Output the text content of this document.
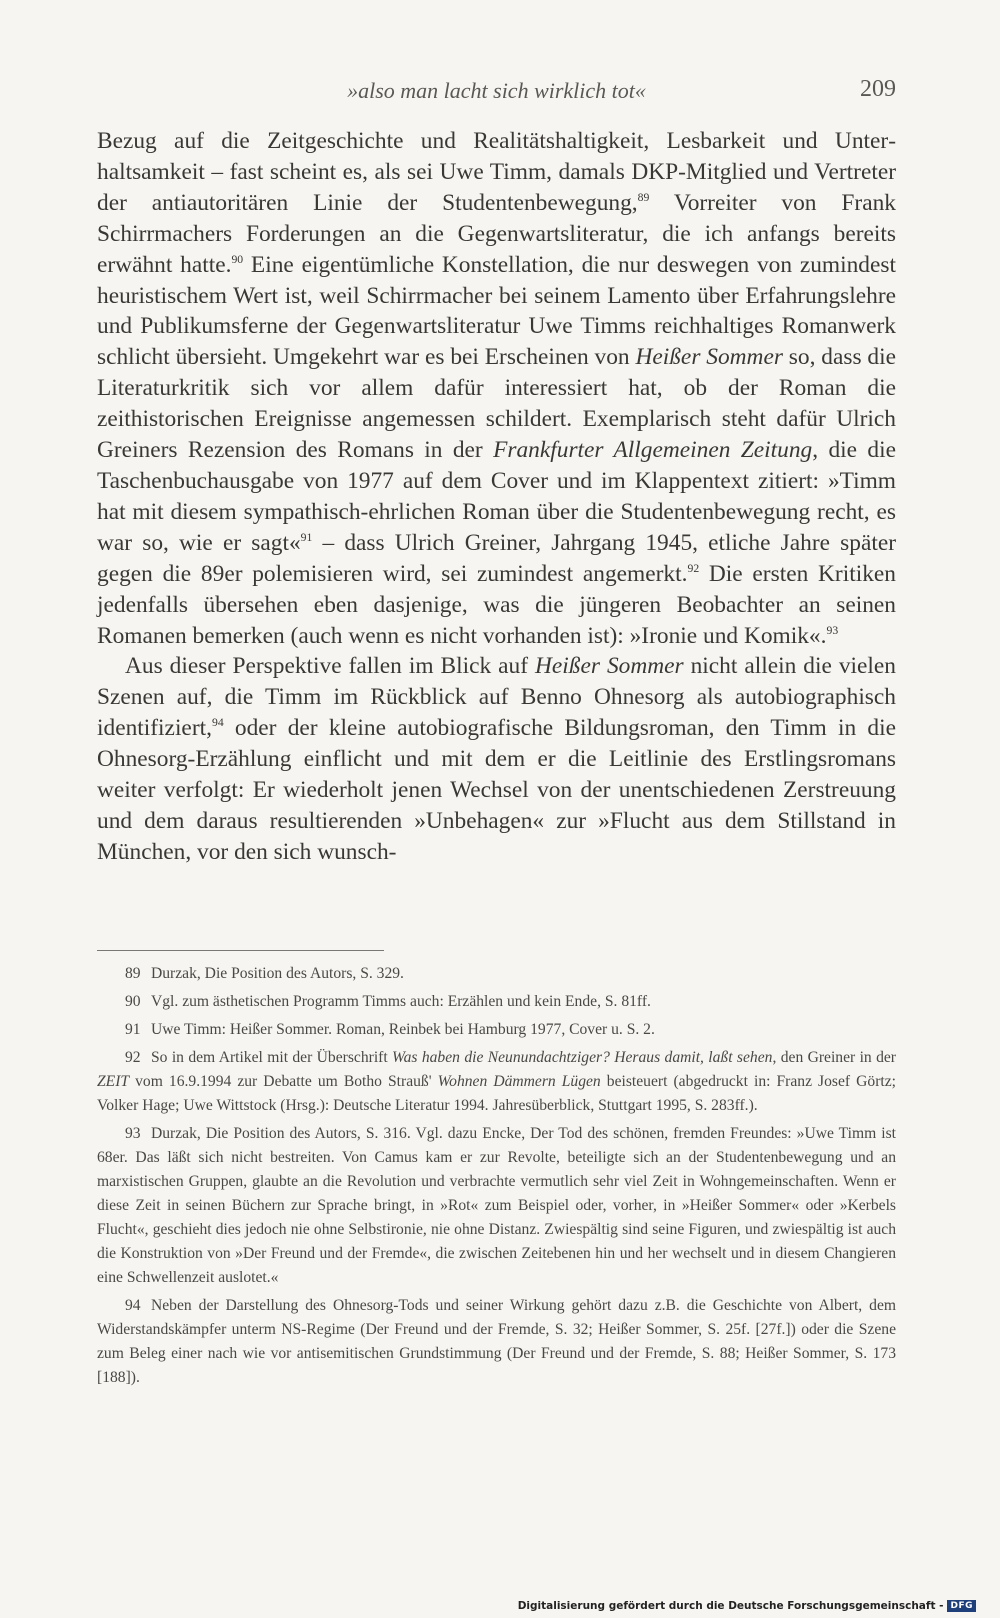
»also man lacht sich wirklich tot«	209

Bezug auf die Zeitgeschichte und Realitätshaltigkeit, Lesbarkeit und Unterhaltsamkeit – fast scheint es, als sei Uwe Timm, damals DKP-Mitglied und Vertreter der antiautoritären Linie der Studentenbewegung,$^{89}$ Vorreiter von Frank Schirrmachers Forderungen an die Gegenwartsliteratur, die ich anfangs bereits erwähnt hatte.$^{90}$ Eine eigentümliche Konstellation, die nur deswegen von zumindest heuristischem Wert ist, weil Schirrmacher bei seinem Lamento über Erfahrungslehre und Publikumsferne der Gegenwartsliteratur Uwe Timms reichhaltiges Romanwerk schlicht übersieht. Umgekehrt war es bei Erscheinen von Heißer Sommer so, dass die Literaturkritik sich vor allem dafür interessiert hat, ob der Roman die zeithistorischen Ereignisse angemessen schildert. Exemplarisch steht dafür Ulrich Greiners Rezension des Romans in der Frankfurter Allgemeinen Zeitung, die die Taschenbuchausgabe von 1977 auf dem Cover und im Klappentext zitiert: »Timm hat mit diesem sympathisch-ehrlichen Roman über die Studentenbewegung recht, es war so, wie er sagt«$^{91}$ – dass Ulrich Greiner, Jahrgang 1945, etliche Jahre später gegen die 89er polemisieren wird, sei zumindest angemerkt.$^{92}$ Die ersten Kritiken jedenfalls übersehen eben dasjenige, was die jüngeren Beobachter an seinen Romanen bemerken (auch wenn es nicht vorhanden ist): »Ironie und Komik«.$^{93}$

Aus dieser Perspektive fallen im Blick auf Heißer Sommer nicht allein die vielen Szenen auf, die Timm im Rückblick auf Benno Ohnesorg als autobiographisch identifiziert,$^{94}$ oder der kleine autobiografische Bildungsroman, den Timm in die Ohnesorg-Erzählung einflicht und mit dem er die Leitlinie des Erstlingsromans weiter verfolgt: Er wiederholt jenen Wechsel von der unentschiedenen Zerstreuung und dem daraus resultierenden »Unbehagen« zur »Flucht aus dem Stillstand in München, vor den sich wunsch-

89 Durzak, Die Position des Autors, S. 329.

90 Vgl. zum ästhetischen Programm Timms auch: Erzählen und kein Ende, S. 81ff.

91 Uwe Timm: Heißer Sommer. Roman, Reinbek bei Hamburg 1977, Cover u. S. 2.

92 So in dem Artikel mit der Überschrift Was haben die Neunundachtziger? Heraus damit, laßt sehen, den Greiner in der ZEIT vom 16.9.1994 zur Debatte um Botho Strauß' Wohnen Dämmern Lügen beisteuert (abgedruckt in: Franz Josef Görtz; Volker Hage; Uwe Wittstock (Hrsg.): Deutsche Literatur 1994. Jahresüberblick, Stuttgart 1995, S. 283ff.).

93 Durzak, Die Position des Autors, S. 316. Vgl. dazu Encke, Der Tod des schönen, fremden Freundes: »Uwe Timm ist 68er. Das läßt sich nicht bestreiten. Von Camus kam er zur Revolte, beteiligte sich an der Studentenbewegung und an marxistischen Gruppen, glaubte an die Revolution und verbrachte vermutlich sehr viel Zeit in Wohngemeinschaften. Wenn er diese Zeit in seinen Büchern zur Sprache bringt, in »Rot« zum Beispiel oder, vorher, in »Heißer Sommer« oder »Kerbels Flucht«, geschieht dies jedoch nie ohne Selbstironie, nie ohne Distanz. Zwiespältig sind seine Figuren, und zwiespältig ist auch die Konstruktion von »Der Freund und der Fremde«, die zwischen Zeitebenen hin und her wechselt und in diesem Changieren eine Schwellenzeit auslotet.«

94 Neben der Darstellung des Ohnesorg-Tods und seiner Wirkung gehört dazu z.B. die Geschichte von Albert, dem Widerstandskämpfer unterm NS-Regime (Der Freund und der Fremde, S. 32; Heißer Sommer, S. 25f. [27f.]) oder die Szene zum Beleg einer nach wie vor antisemitischen Grundstimmung (Der Freund und der Fremde, S. 88; Heißer Sommer, S. 173 [188]).

Digitalisierung gefördert durch die Deutsche Forschungsgemeinschaft - DFG
